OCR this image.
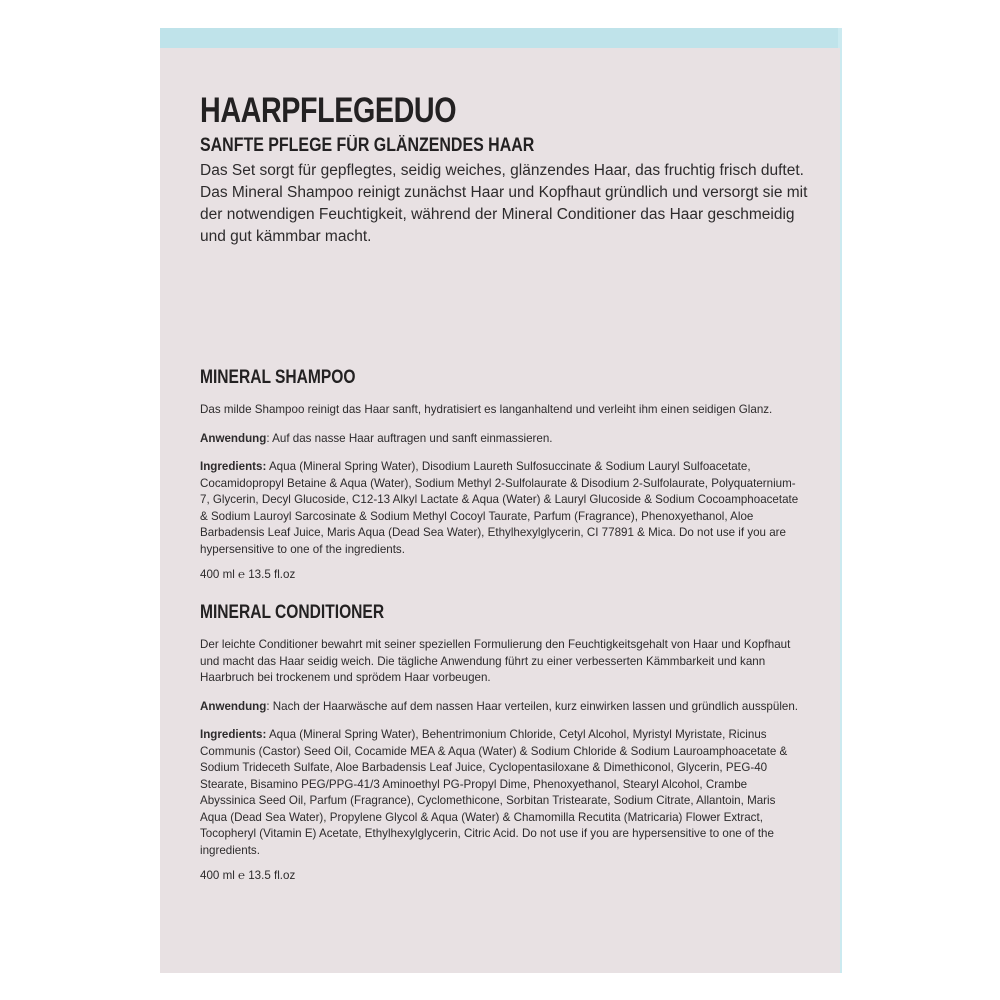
HAARPFLEGEDUO
SANFTE PFLEGE FÜR GLÄNZENDES HAAR

Das Set sorgt für gepflegtes, seidig weiches, glänzendes Haar, das fruchtig frisch duftet. Das Mineral Shampoo reinigt zunächst Haar und Kopfhaut gründlich und versorgt sie mit der notwendigen Feuchtigkeit, während der Mineral Conditioner das Haar geschmeidig und gut kämmbar macht.

MINERAL SHAMPOO

Das milde Shampoo reinigt das Haar sanft, hydratisiert es langanhaltend und verleiht ihm einen seidigen Glanz.

Anwendung: Auf das nasse Haar auftragen und sanft einmassieren.

Ingredients: Aqua (Mineral Spring Water), Disodium Laureth Sulfosuccinate & Sodium Lauryl Sulfoacetate, Cocamidopropyl Betaine & Aqua (Water), Sodium Methyl 2-Sulfolaurate & Disodium 2-Sulfolaurate, Polyquaternium-7, Glycerin, Decyl Glucoside, C12-13 Alkyl Lactate & Aqua (Water) & Lauryl Glucoside & Sodium Cocoamphoacetate & Sodium Lauroyl Sarcosinate & Sodium Methyl Cocoyl Taurate, Parfum (Fragrance), Phenoxyethanol, Aloe Barbadensis Leaf Juice, Maris Aqua (Dead Sea Water), Ethylhexylglycerin, CI 77891 & Mica. Do not use if you are hypersensitive to one of the ingredients.

400 ml ℮ 13.5 fl.oz

MINERAL CONDITIONER

Der leichte Conditioner bewahrt mit seiner speziellen Formulierung den Feuchtigkeitsgehalt von Haar und Kopfhaut und macht das Haar seidig weich. Die tägliche Anwendung führt zu einer verbesserten Kämmbarkeit und kann Haarbruch bei trockenem und sprödem Haar vorbeugen.

Anwendung: Nach der Haarwäsche auf dem nassen Haar verteilen, kurz einwirken lassen und gründlich ausspülen.

Ingredients: Aqua (Mineral Spring Water), Behentrimonium Chloride, Cetyl Alcohol, Myristyl Myristate, Ricinus Communis (Castor) Seed Oil, Cocamide MEA & Aqua (Water) & Sodium Chloride & Sodium Lauroamphoacetate & Sodium Trideceth Sulfate, Aloe Barbadensis Leaf Juice, Cyclopentasiloxane & Dimethiconol, Glycerin, PEG-40 Stearate, Bisamino PEG/PPG-41/3 Aminoethyl PG-Propyl Dime, Phenoxyethanol, Stearyl Alcohol, Crambe Abyssinica Seed Oil, Parfum (Fragrance), Cyclomethicone, Sorbitan Tristearate, Sodium Citrate, Allantoin, Maris Aqua (Dead Sea Water), Propylene Glycol & Aqua (Water) & Chamomilla Recutita (Matricaria) Flower Extract, Tocopheryl (Vitamin E) Acetate, Ethylhexylglycerin, Citric Acid. Do not use if you are hypersensitive to one of the ingredients.

400 ml ℮ 13.5 fl.oz
